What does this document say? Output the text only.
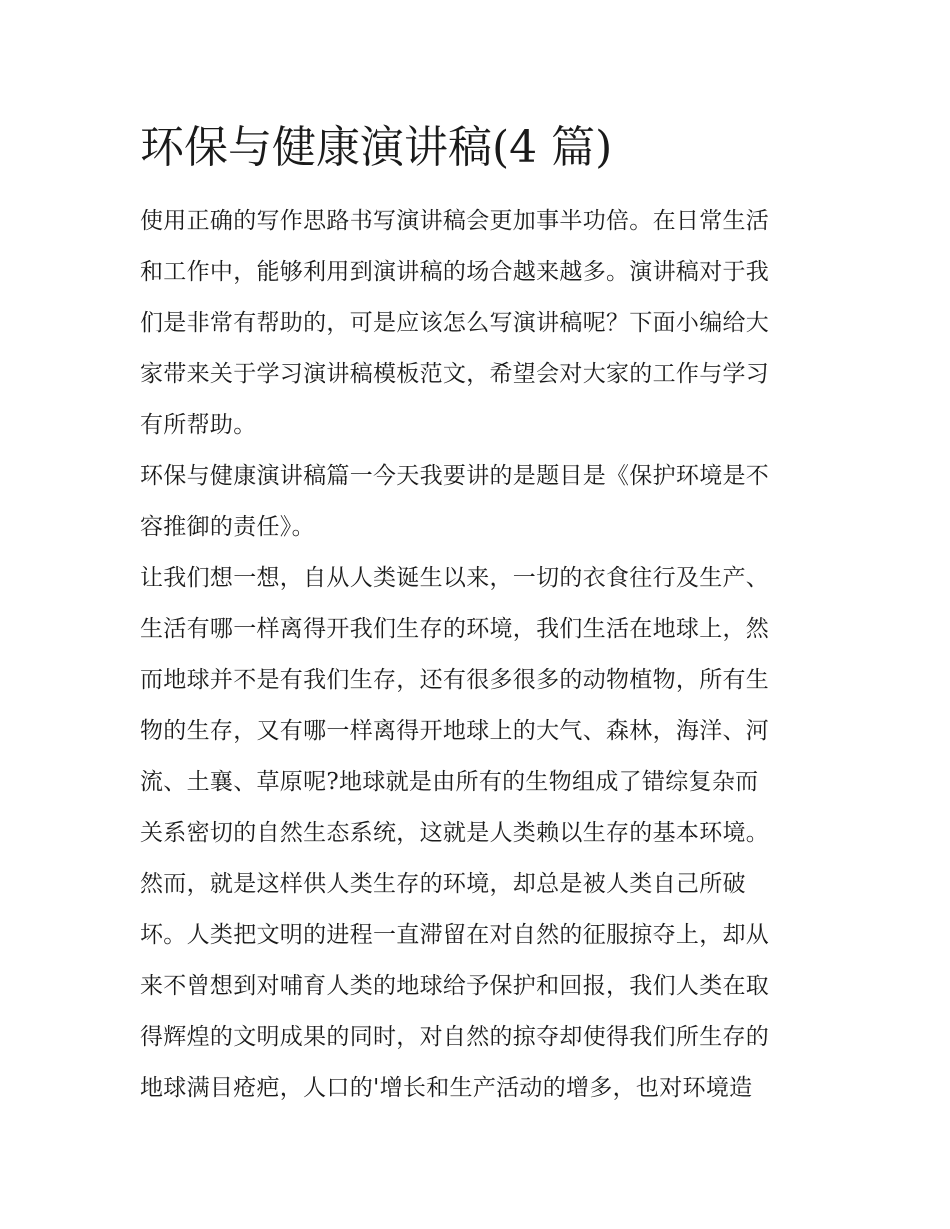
环保与健康演讲稿(4 篇)

使用正确的写作思路书写演讲稿会更加事半功倍。在日常生活

和工作中，能够利用到演讲稿的场合越来越多。演讲稿对于我

们是非常有帮助的，可是应该怎么写演讲稿呢？下面小编给大

家带来关于学习演讲稿模板范文，希望会对大家的工作与学习

有所帮助。

环保与健康演讲稿篇一今天我要讲的是题目是《保护环境是不

容推御的责任》。

让我们想一想，自从人类诞生以来，一切的衣食往行及生产、

生活有哪一样离得开我们生存的环境，我们生活在地球上，然

而地球并不是有我们生存，还有很多很多的动物植物，所有生

物的生存，又有哪一样离得开地球上的大气、森林，海洋、河

流、土襄、草原呢?地球就是由所有的生物组成了错综复杂而

关系密切的自然生态系统，这就是人类赖以生存的基本环境。

然而，就是这样供人类生存的环境，却总是被人类自己所破

坏。人类把文明的进程一直滞留在对自然的征服掠夺上，却从

来不曾想到对哺育人类的地球给予保护和回报，我们人类在取

得辉煌的文明成果的同时，对自然的掠夺却使得我们所生存的

地球满目疮疤，人口的'增长和生产活动的增多，也对环境造
